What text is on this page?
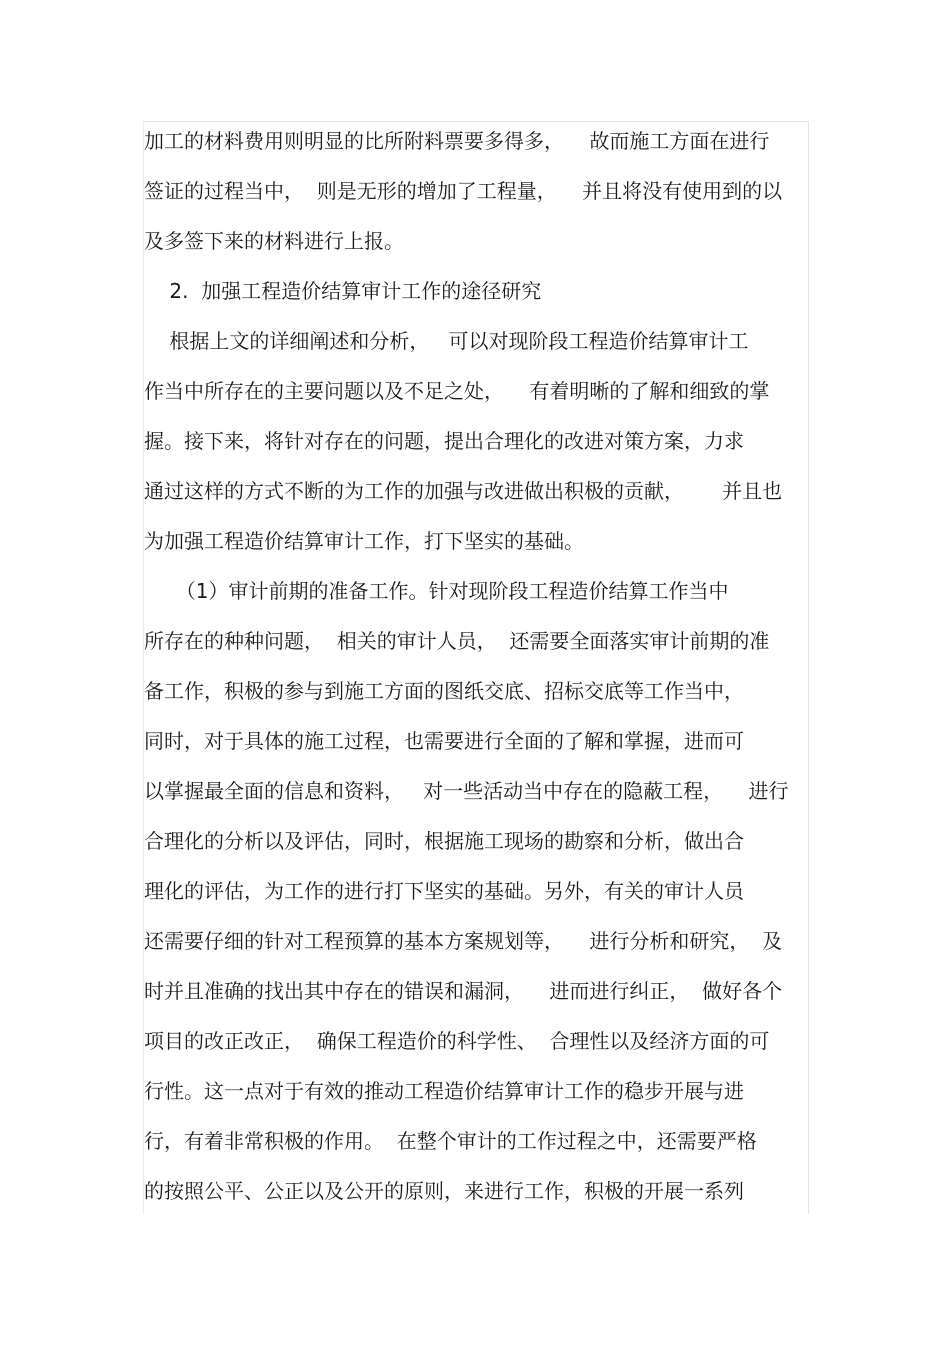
加工的材料费用则明显的比所附料票要多得多，    故而施工方面在进行
签证的过程当中，  则是无形的增加了工程量，    并且将没有使用到的以
及多签下来的材料进行上报。
2.  加强工程造价结算审计工作的途径研究
根据上文的详细阐述和分析，   可以对现阶段工程造价结算审计工
作当中所存在的主要问题以及不足之处，    有着明晰的了解和细致的掌
握。接下来，将针对存在的问题，提出合理化的改进对策方案，力求
通过这样的方式不断的为工作的加强与改进做出积极的贡献，      并且也
为加强工程造价结算审计工作，打下坚实的基础。
（1）审计前期的准备工作。针对现阶段工程造价结算工作当中
所存在的种种问题，  相关的审计人员，  还需要全面落实审计前期的准
备工作，积极的参与到施工方面的图纸交底、招标交底等工作当中，
同时，对于具体的施工过程，也需要进行全面的了解和掌握，进而可
以掌握最全面的信息和资料，   对一些活动当中存在的隐蔽工程，    进行
合理化的分析以及评估，同时，根据施工现场的勘察和分析，做出合
理化的评估，为工作的进行打下坚实的基础。另外，有关的审计人员
还需要仔细的针对工程预算的基本方案规划等，    进行分析和研究，  及
时并且准确的找出其中存在的错误和漏洞，    进而进行纠正，  做好各个
项目的改正改正，  确保工程造价的科学性、  合理性以及经济方面的可
行性。这一点对于有效的推动工程造价结算审计工作的稳步开展与进
行，有着非常积极的作用。  在整个审计的工作过程之中，还需要严格
的按照公平、公正以及公开的原则，来进行工作，积极的开展一系列
